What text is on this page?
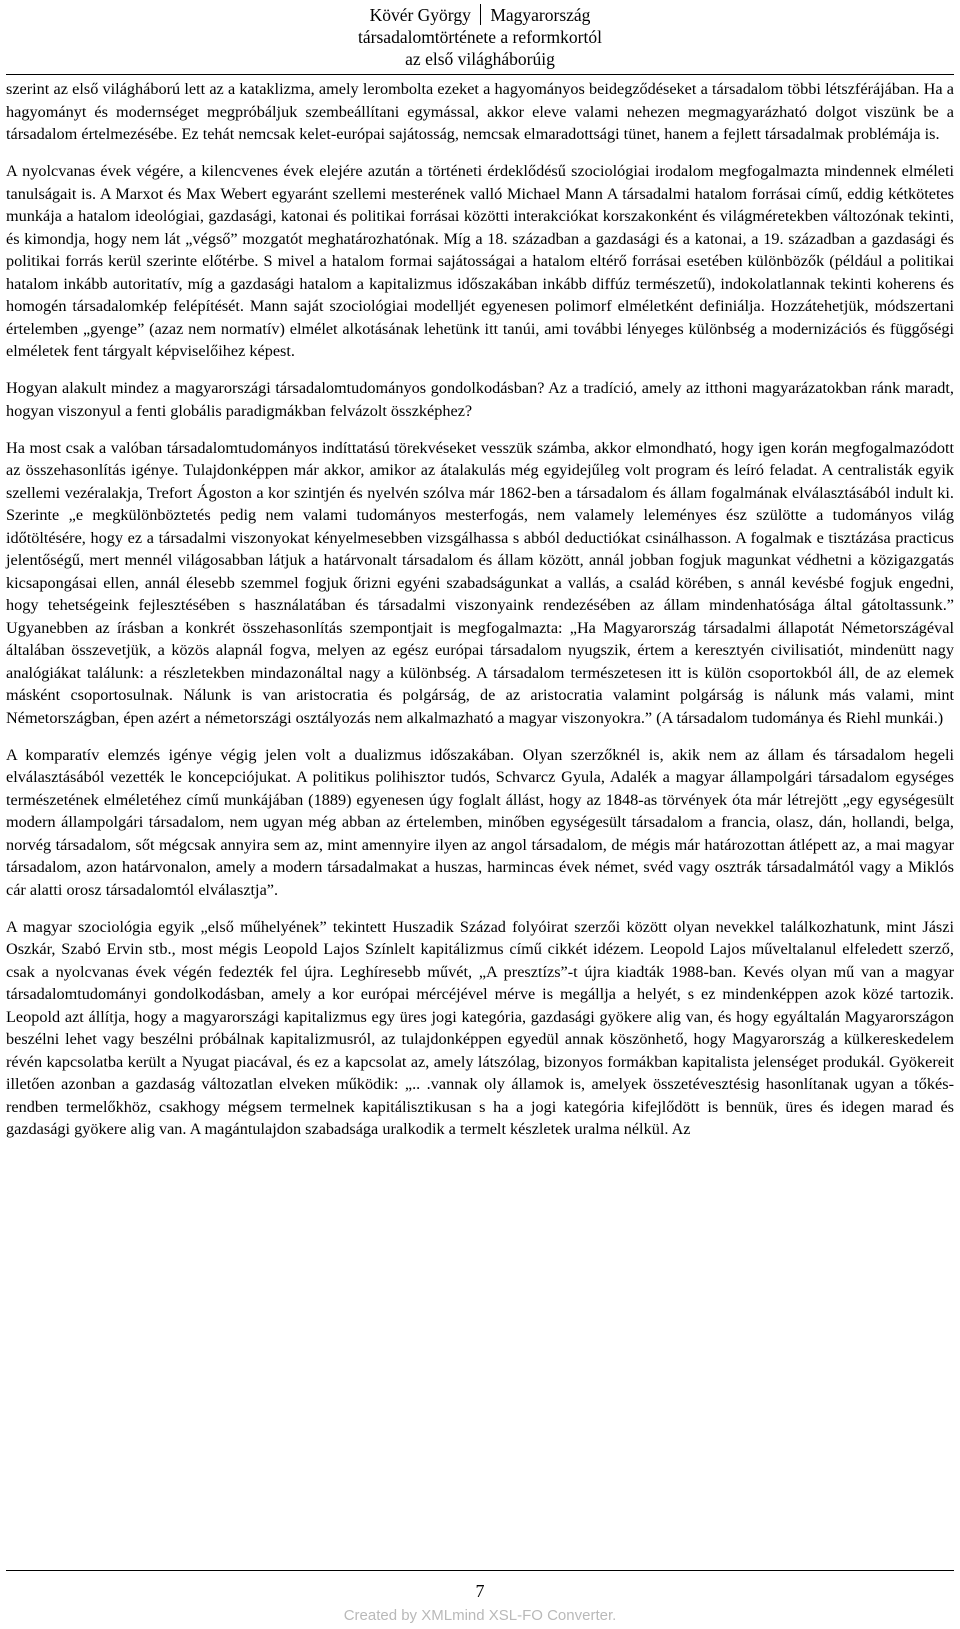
Kövér György Magyarország
társadalomtörténete a reformkortól
az első világháborúig

szerint az első világháború lett az a kataklizma, amely lerombolta ezeket a hagyományos beidegződéseket a társadalom többi létszférájában. Ha a hagyományt és modernséget megpróbáljuk szembeállítani egymással, akkor eleve valami nehezen megmagyarázható dolgot viszünk be a társadalom értelmezésébe. Ez tehát nemcsak kelet-európai sajátosság, nemcsak elmaradottsági tünet, hanem a fejlett társadalmak problémája is.

A nyolcvanas évek végére, a kilencvenes évek elejére azután a történeti érdeklődésű szociológiai irodalom megfogalmazta mindennek elméleti tanulságait is. A Marxot és Max Webert egyaránt szellemi mesterének valló Michael Mann A társadalmi hatalom forrásai című, eddig kétkötetes munkája a hatalom ideológiai, gazdasági, katonai és politikai forrásai közötti interakciókat korszakonként és világméretekben változónak tekinti, és kimondja, hogy nem lát „végső” mozgatót meghatározhatónak. Míg a 18. században a gazdasági és a katonai, a 19. században a gazdasági és politikai forrás kerül szerinte előtérbe. S mivel a hatalom formai sajátosságai a hatalom eltérő forrásai esetében különbözők (például a politikai hatalom inkább autoritatív, míg a gazdasági hatalom a kapitalizmus időszakában inkább diffúz természetű), indokolatlannak tekinti koherens és homogén társadalomkép felépítését. Mann saját szociológiai modelljét egyenesen polimorf elméletként definiálja. Hozzátehetjük, módszertani értelemben „gyenge” (azaz nem normatív) elmélet alkotásának lehetünk itt tanúi, ami további lényeges különbség a modernizációs és függőségi elméletek fent tárgyalt képviselőihez képest.

Hogyan alakult mindez a magyarországi társadalomtudományos gondolkodásban? Az a tradíció, amely az itthoni magyarázatokban ránk maradt, hogyan viszonyul a fenti globális paradigmákban felvázolt összképhez?

Ha most csak a valóban társadalomtudományos indíttatású törekvéseket vesszük számba, akkor elmondható, hogy igen korán megfogalmazódott az összehasonlítás igénye. Tulajdonképpen már akkor, amikor az átalakulás még egyidejűleg volt program és leíró feladat. A centralisták egyik szellemi vezéralakja, Trefort Ágoston a kor szintjén és nyelvén szólva már 1862-ben a társadalom és állam fogalmának elválasztásából indult ki. Szerinte „e megkülönböztetés pedig nem valami tudományos mesterfogás, nem valamely leleményes ész szülötte a tudományos világ időtöltésére, hogy ez a társadalmi viszonyokat kényelmesebben vizsgálhassa s abból deductiókat csinálhasson. A fogalmak e tisztázása practicus jelentőségű, mert mennél világosabban látjuk a határvonalt társadalom és állam között, annál jobban fogjuk magunkat védhetni a közigazgatás kicsapongásai ellen, annál élesebb szemmel fogjuk őrizni egyéni szabadságunkat a vallás, a család körében, s annál kevésbé fogjuk engedni, hogy tehetségeink fejlesztésében s használatában és társadalmi viszonyaink rendezésében az állam mindenhatósága által gátoltassunk.” Ugyanebben az írásban a konkrét összehasonlítás szempontjait is megfogalmazta: „Ha Magyarország társadalmi állapotát Németországéval általában összevetjük, a közös alapnál fogva, melyen az egész európai társadalom nyugszik, értem a keresztyén civilisatiót, mindenütt nagy analógiákat találunk: a részletekben mindazonáltal nagy a különbség. A társadalom természetesen itt is külön csoportokból áll, de az elemek másként csoportosulnak. Nálunk is van aristocratia és polgárság, de az aristocratia valamint polgárság is nálunk más valami, mint Németországban, épen azért a németországi osztályozás nem alkalmazható a magyar viszonyokra.” (A társadalom tudománya és Riehl munkái.)

A komparatív elemzés igénye végig jelen volt a dualizmus időszakában. Olyan szerzőknél is, akik nem az állam és társadalom hegeli elválasztásából vezették le koncepciójukat. A politikus polihisztor tudós, Schvarcz Gyula, Adalék a magyar állampolgári társadalom egységes természetének elméletéhez című munkájában (1889) egyenesen úgy foglalt állást, hogy az 1848-as törvények óta már létrejött „egy egységesült modern állampolgári társadalom, nem ugyan még abban az értelemben, minőben egységesült társadalom a francia, olasz, dán, hollandi, belga, norvég társadalom, sőt mégcsak annyira sem az, mint amennyire ilyen az angol társadalom, de mégis már határozottan átlépett az, a mai magyar társadalom, azon határvonalon, amely a modern társadalmakat a huszas, harmincas évek német, svéd vagy osztrák társadalmától vagy a Miklós cár alatti orosz társadalomtól elválasztja”.

A magyar szociológia egyik „első műhelyének” tekintett Huszadik Század folyóirat szerzői között olyan nevekkel találkozhatunk, mint Jászi Oszkár, Szabó Ervin stb., most mégis Leopold Lajos Színlelt kapitálizmus című cikkét idézem. Leopold Lajos műveltalanul elfeledett szerző, csak a nyolcvanas évek végén fedezték fel újra. Leghíresebb művét, „A presztízs”-t újra kiadták 1988-ban. Kevés olyan mű van a magyar társadalomtudományi gondolkodásban, amely a kor európai mércéjével mérve is megállja a helyét, s ez mindenképpen azok közé tartozik. Leopold azt állítja, hogy a magyarországi kapitalizmus egy üres jogi kategória, gazdasági gyökere alig van, és hogy egyáltalán Magyarországon beszélni lehet vagy beszélni próbálnak kapitalizmusról, az tulajdonképpen egyedül annak köszönhető, hogy Magyarország a külkereskedelem révén kapcsolatba került a Nyugat piacával, és ez a kapcsolat az, amely látszólag, bizonyos formákban kapitalista jelenséget produkál. Gyökereit illetően azonban a gazdaság változatlan elveken működik: „.. .vannak oly államok is, amelyek összetévesztésig hasonlítanak ugyan a tőkés-rendben termelőkhöz, csakhogy mégsem termelnek kapitálisztikusan s ha a jogi kategória kifejlődött is bennük, üres és idegen marad és gazdasági gyökere alig van. A magántulajdon szabadsága uralkodik a termelt készletek uralma nélkül. Az

7
Created by XMLmind XSL-FO Converter.
